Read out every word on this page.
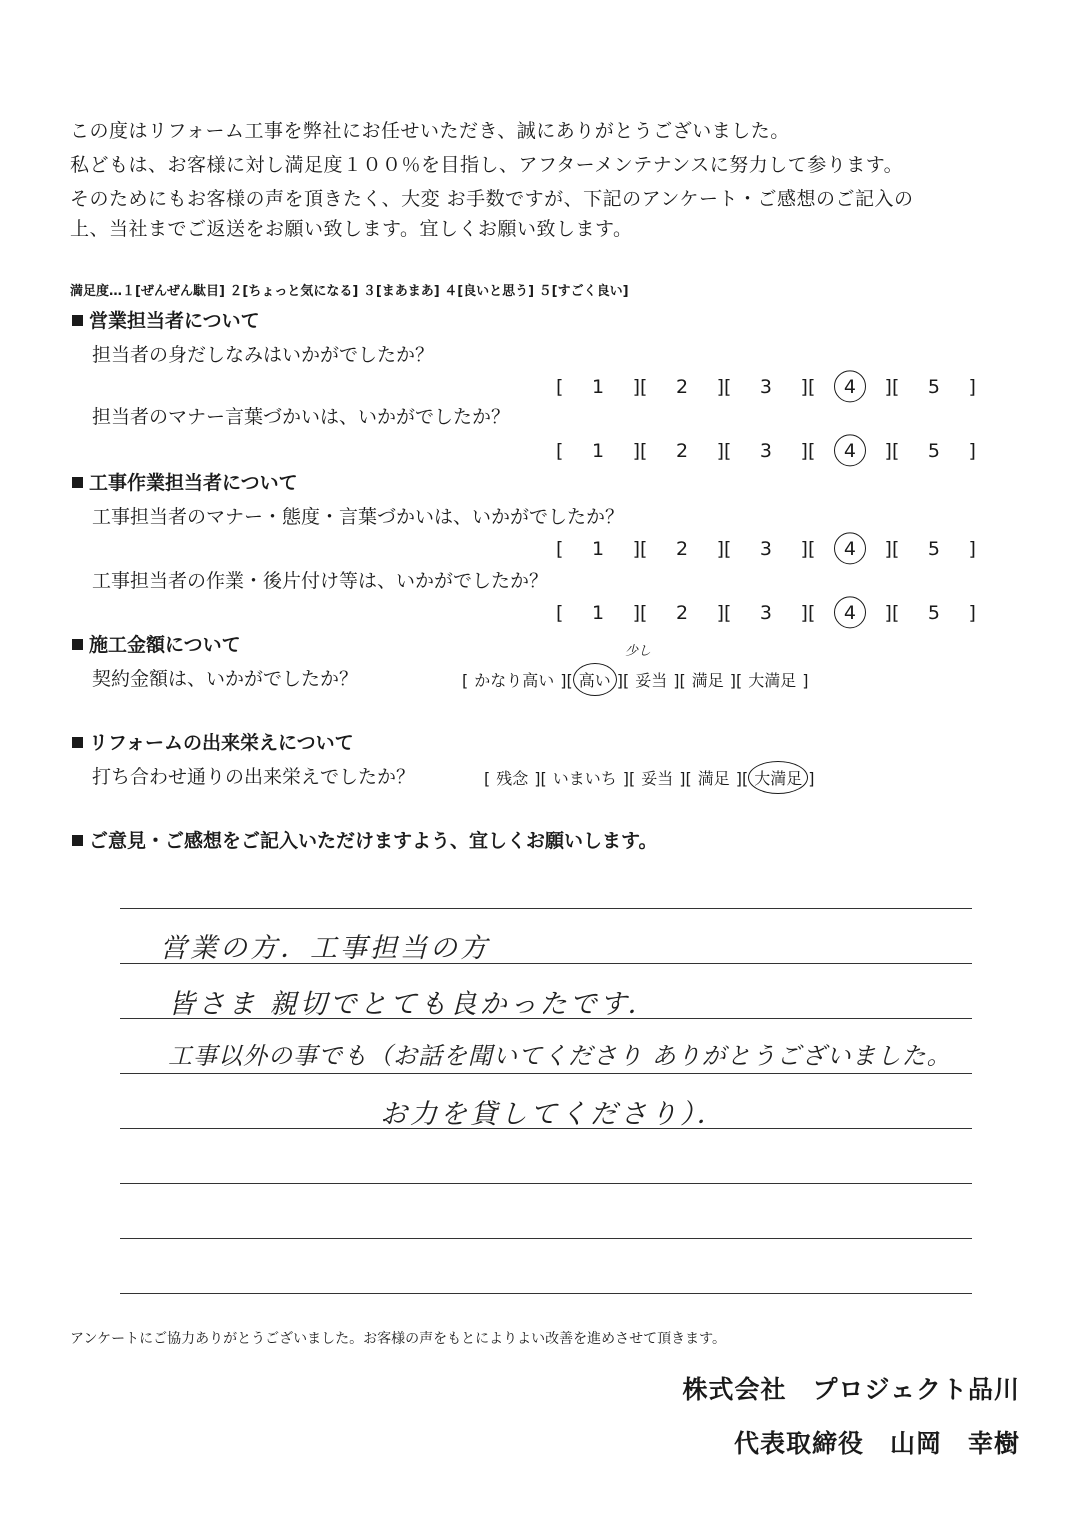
この度はリフォーム工事を弊社にお任せいただき、誠にありがとうございました。
私どもは、お客様に対し満足度１００％を目指し、アフターメンテナンスに努力して参ります。
そのためにもお客様の声を頂きたく、大変 お手数ですが、下記のアンケート・ご感想のご記入の
上、当社までご返送をお願い致します。宜しくお願い致します。
満足度…１[ぜんぜん駄目] ２[ちょっと気になる] ３[まあまあ] ４[良いと思う] ５[すごく良い]
営業担当者について
担当者の身だしなみはいかがでしたか？
[ 1 ][ 2 ][ 3 ][ 4 ][ 5 ]
担当者のマナー言葉づかいは、いかがでしたか？
[ 1 ][ 2 ][ 3 ][ 4 ][ 5 ]
工事作業担当者について
工事担当者のマナー・態度・言葉づかいは、いかがでしたか？
[ 1 ][ 2 ][ 3 ][ 4 ][ 5 ]
工事担当者の作業・後片付け等は、いかがでしたか？
[ 1 ][ 2 ][ 3 ][ 4 ][ 5 ]
施工金額について	少し
契約金額は、いかがでしたか？	[ かなり高い ][ 高い ][ 妥当 ][ 満足 ][ 大満足 ]
リフォームの出来栄えについて
打ち合わせ通りの出来栄えでしたか？	[ 残念 ][ いまいち ][ 妥当 ][ 満足 ][ 大満足 ]
ご意見・ご感想をご記入いただけますよう、宜しくお願いします。
営業の方．工事担当の方
皆さま 親切でとても良かったです．
工事以外の事でも（お話を聞いてくださり ありがとうございました。
お力を貸してくださり）．
アンケートにご協力ありがとうございました。お客様の声をもとによりよい改善を進めさせて頂きます。
株式会社　プロジェクト品川
代表取締役　山岡　幸樹
